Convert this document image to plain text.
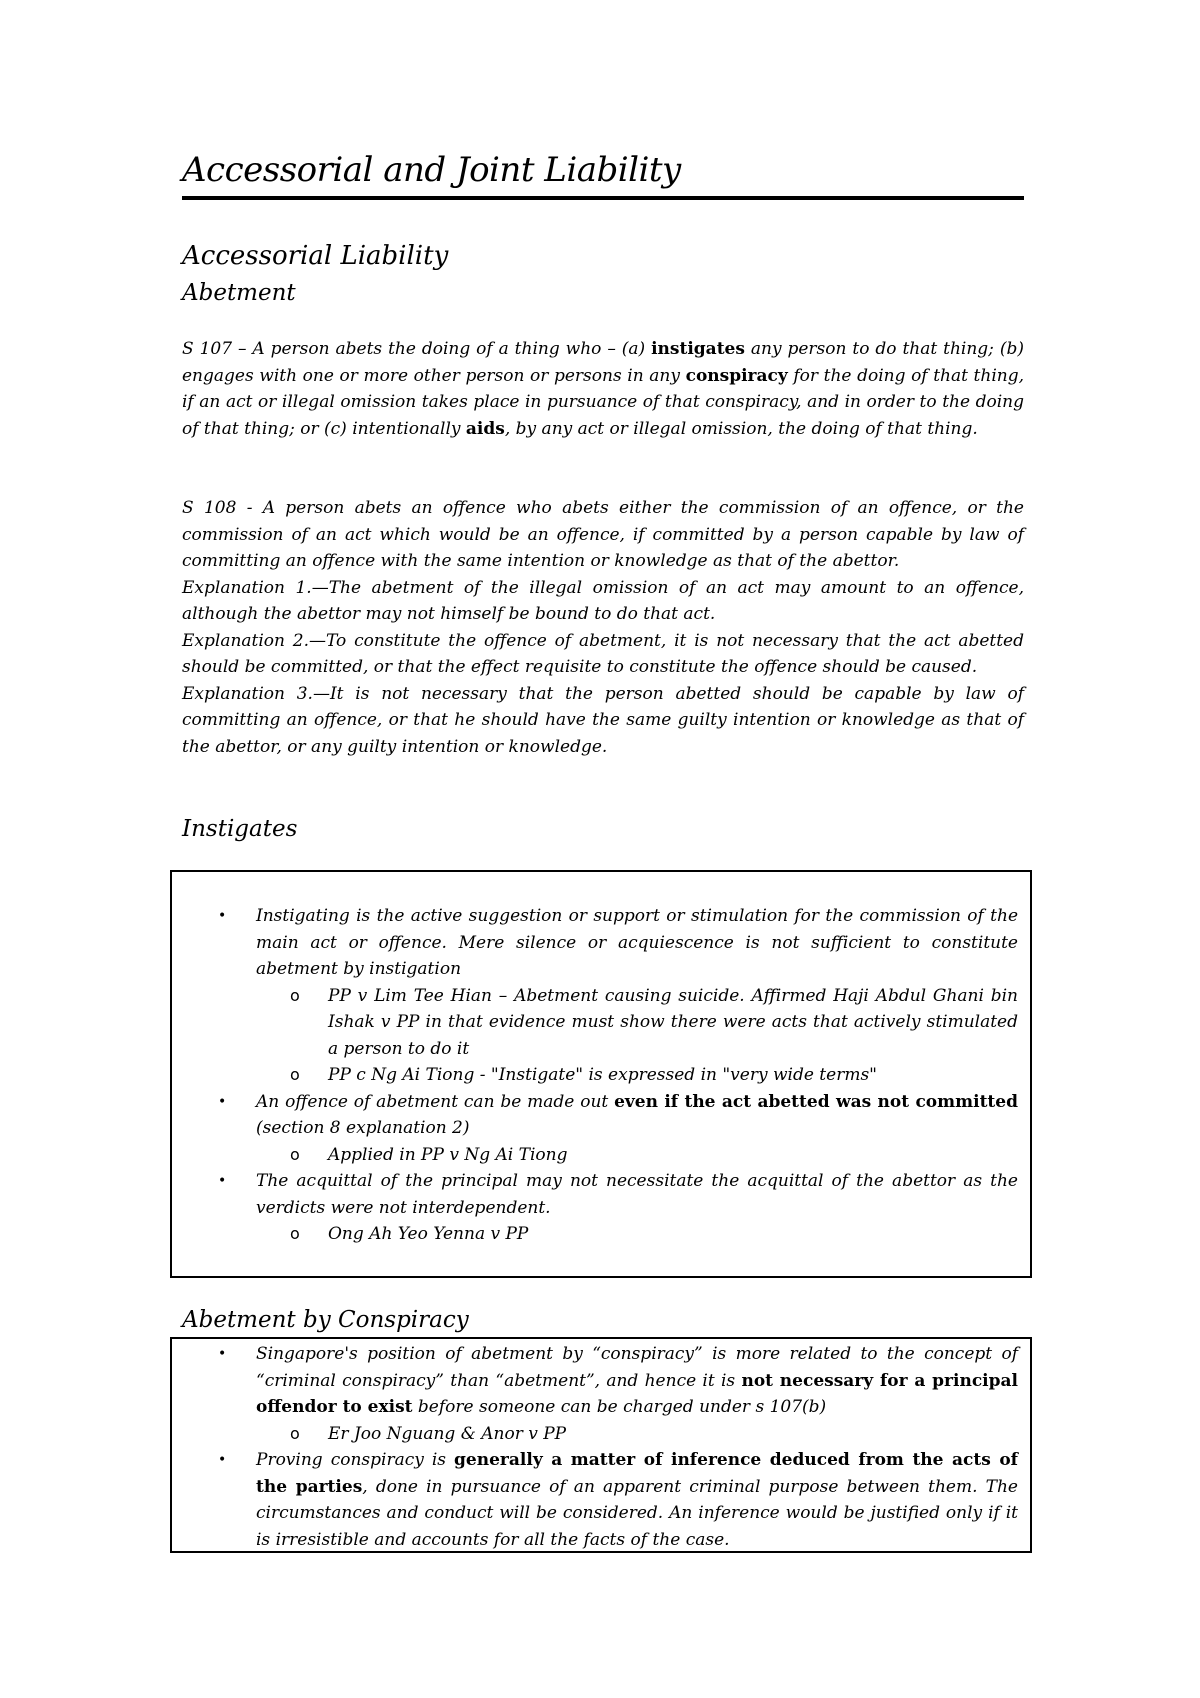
Accessorial and Joint Liability
Accessorial Liability
Abetment
S 107 – A person abets the doing of a thing who – (a) instigates any person to do that thing; (b) engages with one or more other person or persons in any conspiracy for the doing of that thing, if an act or illegal omission takes place in pursuance of that conspiracy, and in order to the doing of that thing; or (c) intentionally aids, by any act or illegal omission, the doing of that thing.
S 108 - A person abets an offence who abets either the commission of an offence, or the commission of an act which would be an offence, if committed by a person capable by law of committing an offence with the same intention or knowledge as that of the abettor.
Explanation 1.—The abetment of the illegal omission of an act may amount to an offence, although the abettor may not himself be bound to do that act.
Explanation 2.—To constitute the offence of abetment, it is not necessary that the act abetted should be committed, or that the effect requisite to constitute the offence should be caused.
Explanation 3.—It is not necessary that the person abetted should be capable by law of committing an offence, or that he should have the same guilty intention or knowledge as that of the abettor, or any guilty intention or knowledge.
Instigates
• Instigating is the active suggestion or support or stimulation for the commission of the main act or offence. Mere silence or acquiescence is not sufficient to constitute abetment by instigation
o PP v Lim Tee Hian – Abetment causing suicide. Affirmed Haji Abdul Ghani bin Ishak v PP in that evidence must show there were acts that actively stimulated a person to do it
o PP c Ng Ai Tiong - "Instigate" is expressed in "very wide terms"
• An offence of abetment can be made out even if the act abetted was not committed (section 8 explanation 2)
o Applied in PP v Ng Ai Tiong
• The acquittal of the principal may not necessitate the acquittal of the abettor as the verdicts were not interdependent.
o Ong Ah Yeo Yenna v PP
Abetment by Conspiracy
• Singapore's position of abetment by “conspiracy” is more related to the concept of “criminal conspiracy” than “abetment”, and hence it is not necessary for a principal offendor to exist before someone can be charged under s 107(b)
o Er Joo Nguang & Anor v PP
• Proving conspiracy is generally a matter of inference deduced from the acts of the parties, done in pursuance of an apparent criminal purpose between them. The circumstances and conduct will be considered. An inference would be justified only if it is irresistible and accounts for all the facts of the case.
